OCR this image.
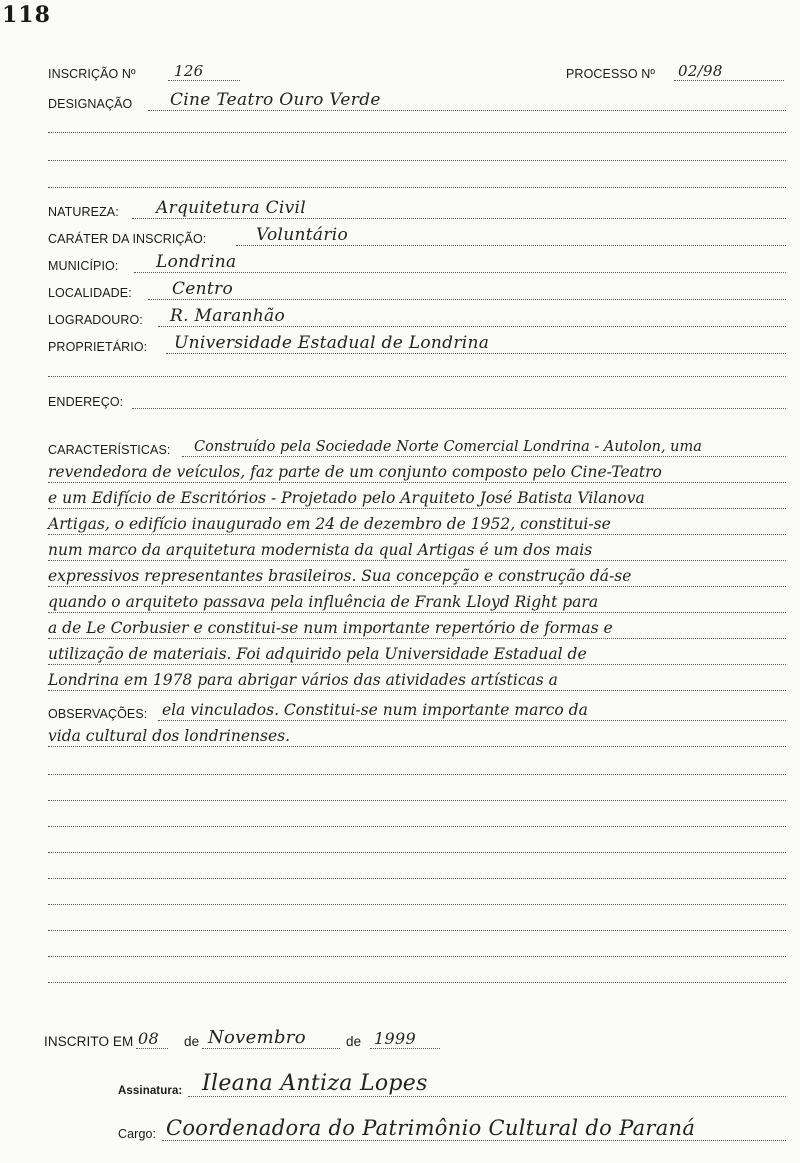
118
INSCRIÇÃO Nº	126	PROCESSO Nº 02/98
DESIGNAÇÃO Cine Teatro Ouro Verde
NATUREZA: Arquitetura Civil
CARÁTER DA INSCRIÇÃO:	Voluntário
MUNICÍPIO: Londrina
LOCALIDADE: Centro
LOGRADOURO: R. Maranhão
PROPRIETÁRIO: Universidade Estadual de Londrina
ENDEREÇO:
CARACTERÍSTICAS: Construído pela Sociedade Norte Comercial Londrina - Autolon, uma
revendedora de veículos, faz parte de um conjunto composto pelo Cine-Teatro
e um Edifício de Escritórios - Projetado pelo Arquiteto José Batista Vilanova
Artigas, o edifício inaugurado em 24 de dezembro de 1952, constitui-se
num marco da arquitetura modernista da qual Artigas é um dos mais
expressivos representantes brasileiros. Sua concepção e construção dá-se
quando o arquiteto passava pela influência de Frank Lloyd Right para
a de Le Corbusier e constitui-se num importante repertório de formas e
utilização de materiais. Foi adquirido pela Universidade Estadual de
Londrina em 1978 para abrigar vários das atividades artísticas a
OBSERVAÇÕES: ela vinculados. Constitui-se num importante marco da
vida cultural dos londrinenses.
INSCRITO EM 08 de Novembro	de 1999
Assinatura: Ileana Antiza Lopes
Cargo: Coordenadora do Patrimônio Cultural do Paraná
